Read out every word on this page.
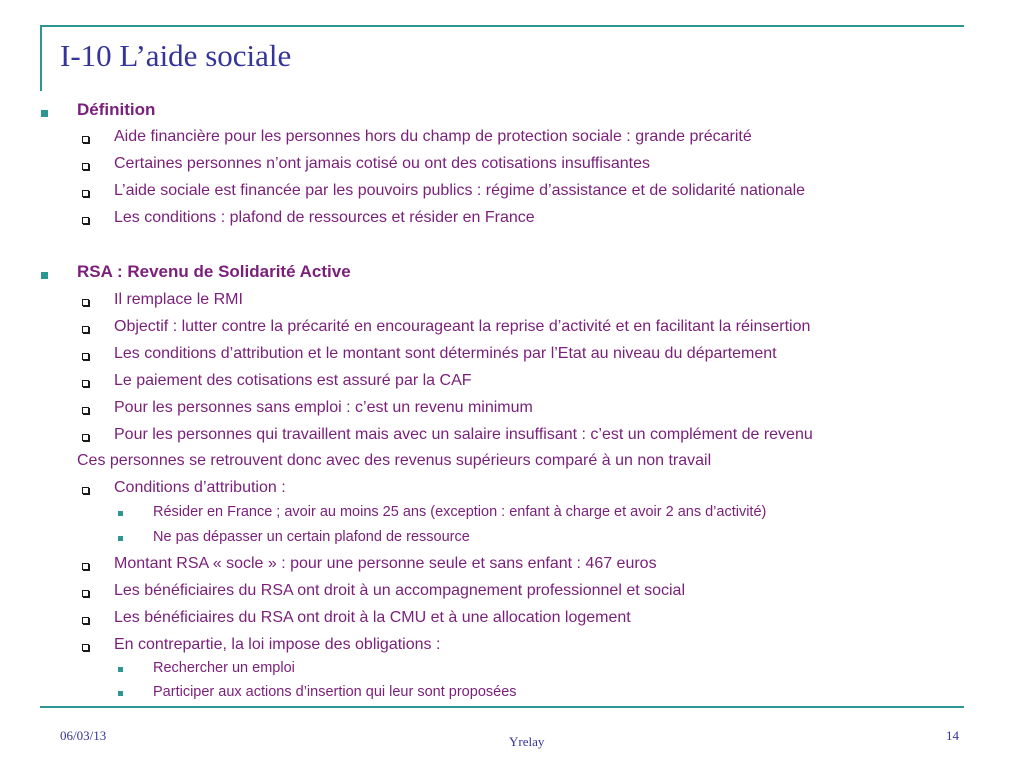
I-10 L’aide sociale
Définition
Aide financière pour les personnes hors du champ de protection sociale : grande précarité
Certaines personnes n’ont jamais cotisé ou ont des cotisations insuffisantes
L’aide sociale est financée par les pouvoirs publics : régime d’assistance et de solidarité nationale
Les conditions : plafond de ressources et résider en France
RSA : Revenu de Solidarité Active
Il remplace le RMI
Objectif : lutter contre la précarité en encourageant la reprise d’activité et en facilitant la réinsertion
Les conditions d’attribution et le montant sont déterminés par l’Etat au niveau du département
Le paiement des cotisations est assuré par la CAF
Pour les personnes sans emploi : c’est un revenu minimum
Pour les personnes qui travaillent mais avec un salaire insuffisant : c’est un complément de revenu
Ces personnes se retrouvent donc avec des revenus supérieurs comparé à un non travail
Conditions d’attribution :
Résider en France ; avoir au moins 25 ans (exception : enfant à charge et avoir 2 ans d’activité)
Ne pas dépasser un certain plafond de ressource
Montant RSA « socle » : pour une personne seule et sans enfant : 467 euros
Les bénéficiaires du RSA ont droit à un accompagnement professionnel et social
Les bénéficiaires du RSA ont droit à la CMU et à une allocation logement
En contrepartie, la loi impose des obligations :
Rechercher un emploi
Participer aux actions d’insertion qui leur sont proposées
06/03/13	Yrelay	14
